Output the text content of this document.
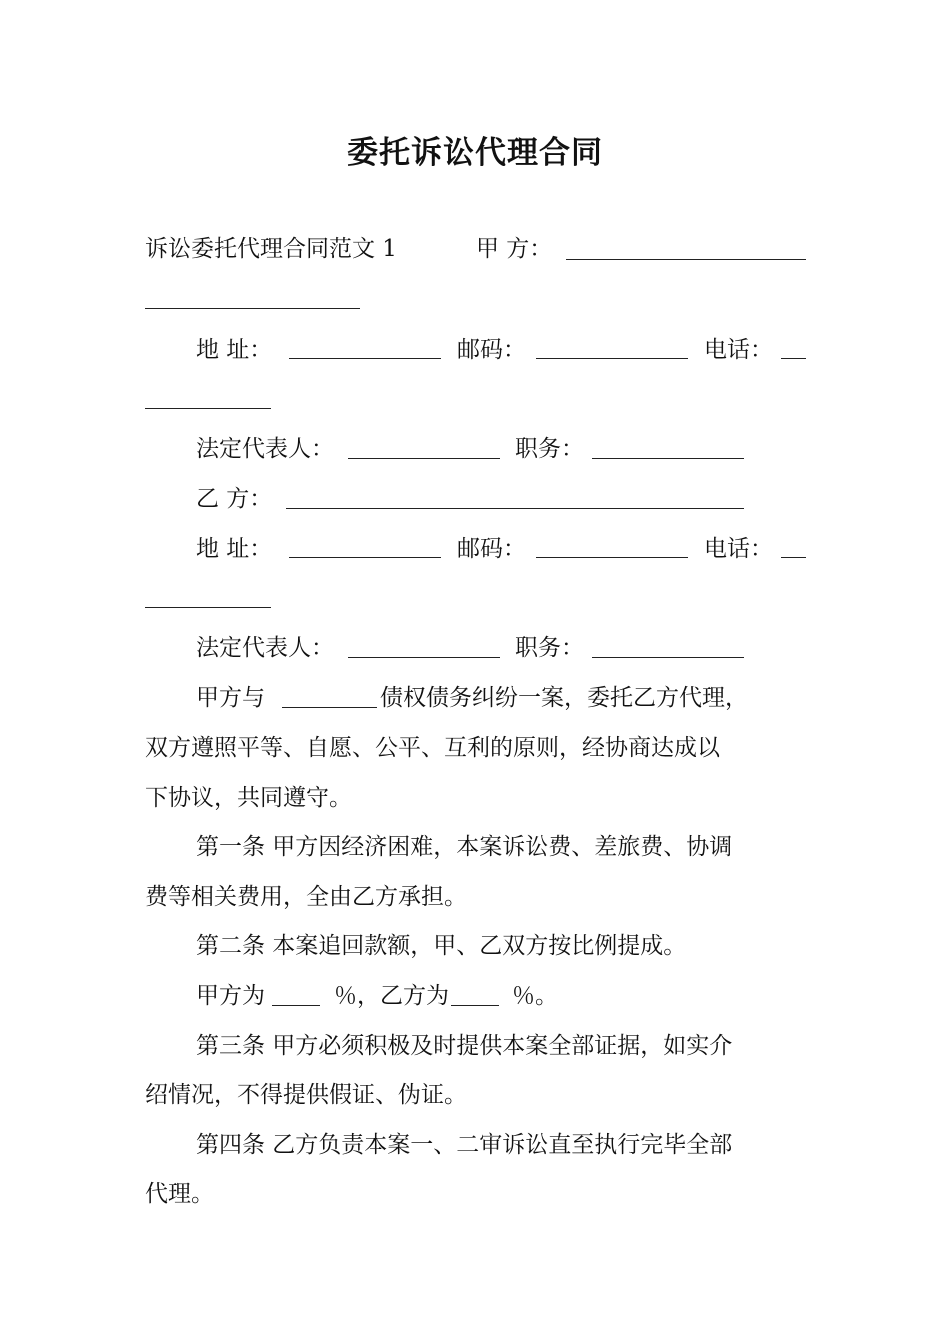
委托诉讼代理合同
诉讼委托代理合同范文 1	甲 方：
地 址：	邮码：	电话：
法定代表人：	职务：
乙 方：
地 址：	邮码：	电话：
法定代表人：	职务：
甲方与	债权债务纠纷一案，委托乙方代理，
双方遵照平等、自愿、公平、互利的原则，经协商达成以
下协议，共同遵守。
第一条 甲方因经济困难，本案诉讼费、差旅费、协调
费等相关费用，全由乙方承担。
第二条 本案追回款额，甲、乙双方按比例提成。
甲方为	％，乙方为	％。
第三条 甲方必须积极及时提供本案全部证据，如实介
绍情况，不得提供假证、伪证。
第四条 乙方负责本案一、二审诉讼直至执行完毕全部
代理。
